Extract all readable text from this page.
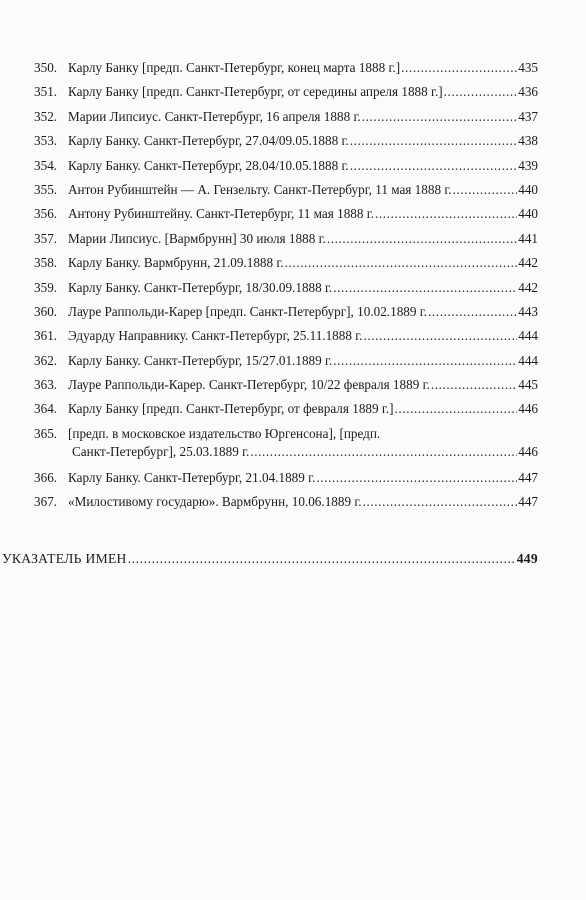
350. Карлу Банку [предп. Санкт-Петербург, конец марта 1888 г.] .....	435
351. Карлу Банку [предп. Санкт-Петербург, от середины апреля 1888 г.] .....	436
352. Марии Липсиус. Санкт-Петербург, 16 апреля 1888 г. .....	437
353. Карлу Банку. Санкт-Петербург, 27.04/09.05.1888 г. .....	438
354. Карлу Банку. Санкт-Петербург, 28.04/10.05.1888 г. .....	439
355. Антон Рубинштейн — А. Гензельту. Санкт-Петербург, 11 мая 1888 г. .....	440
356. Антону Рубинштейну. Санкт-Петербург, 11 мая 1888 г. .....	440
357. Марии Липсиус. [Вармбрунн] 30 июля 1888 г. .....	441
358. Карлу Банку. Вармбрунн, 21.09.1888 г. .....	442
359. Карлу Банку. Санкт-Петербург, 18/30.09.1888 г. .....	442
360. Лауре Раппольди-Карер [предп. Санкт-Петербург], 10.02.1889 г. .....	443
361. Эдуарду Направнику. Санкт-Петербург, 25.11.1888 г. .....	444
362. Карлу Банку. Санкт-Петербург, 15/27.01.1889 г. .....	444
363. Лауре Раппольди-Карер. Санкт-Петербург, 10/22 февраля 1889 г. .....	445
364. Карлу Банку [предп. Санкт-Петербург, от февраля 1889 г.] .....	446
365. [предп. в московское издательство Юргенсона], [предп.
Санкт-Петербург], 25.03.1889 г. .....	446
366. Карлу Банку. Санкт-Петербург, 21.04.1889 г. .....	447
367. «Милостивому государю». Вармбрунн, 10.06.1889 г. .....	447
УКАЗАТЕЛЬ ИМЕН .....	449
